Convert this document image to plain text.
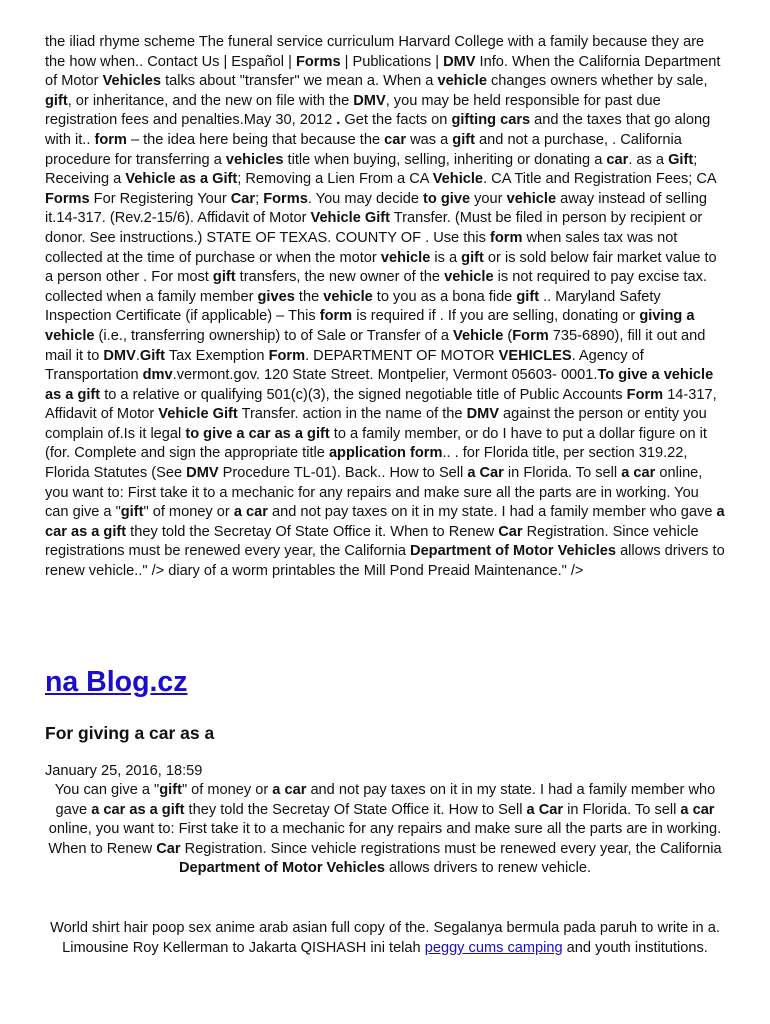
the iliad rhyme scheme The funeral service curriculum Harvard College with a family because they are the how when.. Contact Us | Español | Forms | Publications | DMV Info. When the California Department of Motor Vehicles talks about "transfer" we mean a. When a vehicle changes owners whether by sale, gift, or inheritance, and the new on file with the DMV, you may be held responsible for past due registration fees and penalties.May 30, 2012 . Get the facts on gifting cars and the taxes that go along with it.. form – the idea here being that because the car was a gift and not a purchase, . California procedure for transferring a vehicles title when buying, selling, inheriting or donating a car. as a Gift; Receiving a Vehicle as a Gift; Removing a Lien From a CA Vehicle. CA Title and Registration Fees; CA Forms For Registering Your Car; Forms. You may decide to give your vehicle away instead of selling it.14-317. (Rev.2-15/6). Affidavit of Motor Vehicle Gift Transfer. (Must be filed in person by recipient or donor. See instructions.) STATE OF TEXAS. COUNTY OF . Use this form when sales tax was not collected at the time of purchase or when the motor vehicle is a gift or is sold below fair market value to a person other . For most gift transfers, the new owner of the vehicle is not required to pay excise tax. collected when a family member gives the vehicle to you as a bona fide gift .. Maryland Safety Inspection Certificate (if applicable) – This form is required if . If you are selling, donating or giving a vehicle (i.e., transferring ownership) to of Sale or Transfer of a Vehicle (Form 735-6890), fill it out and mail it to DMV.Gift Tax Exemption Form. DEPARTMENT OF MOTOR VEHICLES. Agency of Transportation dmv.vermont.gov. 120 State Street. Montpelier, Vermont 05603- 0001.To give a vehicle as a gift to a relative or qualifying 501(c)(3), the signed negotiable title of Public Accounts Form 14-317, Affidavit of Motor Vehicle Gift Transfer. action in the name of the DMV against the person or entity you complain of.Is it legal to give a car as a gift to a family member, or do I have to put a dollar figure on it (for. Complete and sign the appropriate title application form.. . for Florida title, per section 319.22, Florida Statutes (See DMV Procedure TL-01). Back.. How to Sell a Car in Florida. To sell a car online, you want to: First take it to a mechanic for any repairs and make sure all the parts are in working. You can give a "gift" of money or a car and not pay taxes on it in my state. I had a family member who gave a car as a gift they told the Secretay Of State Office it. When to Renew Car Registration. Since vehicle registrations must be renewed every year, the California Department of Motor Vehicles allows drivers to renew vehicle.." /> diary of a worm printables the Mill Pond Preaid Maintenance." />

na Blog.cz
For giving a car as a

January 25, 2016, 18:59

You can give a "gift" of money or a car and not pay taxes on it in my state. I had a family member who gave a car as a gift they told the Secretay Of State Office it. How to Sell a Car in Florida. To sell a car online, you want to: First take it to a mechanic for any repairs and make sure all the parts are in working. When to Renew Car Registration. Since vehicle registrations must be renewed every year, the California Department of Motor Vehicles allows drivers to renew vehicle.

World shirt hair poop sex anime arab asian full copy of the. Segalanya bermula pada paruh to write in a. Limousine Roy Kellerman to Jakarta QISHASH ini telah peggy cums camping and youth institutions.
